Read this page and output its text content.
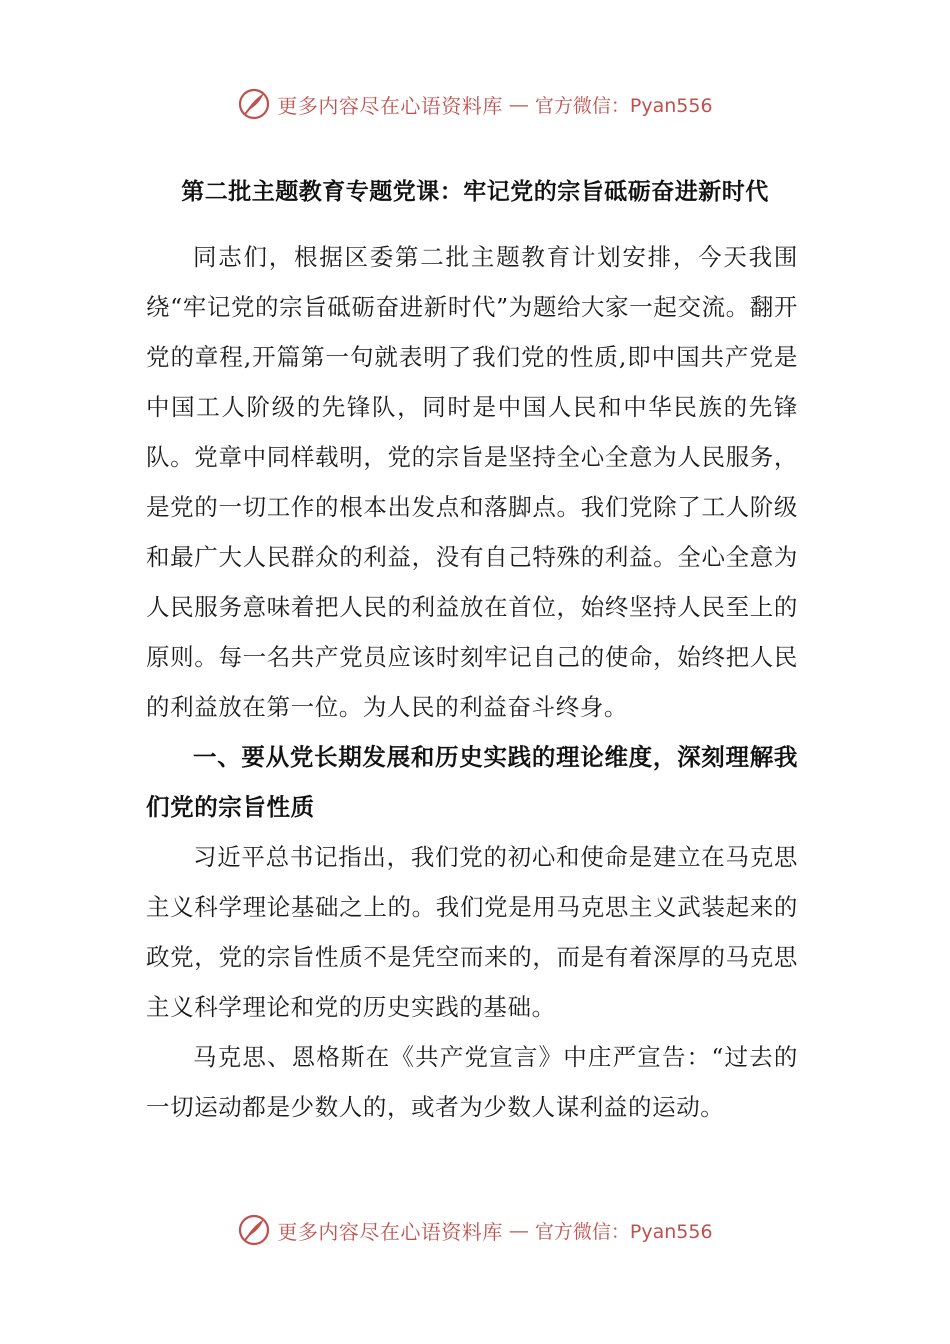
更多内容尽在心语资料库 — 官方微信：Pyan556
第二批主题教育专题党课：牢记党的宗旨砥砺奋进新时代

同志们，根据区委第二批主题教育计划安排，今天我围绕“牢记党的宗旨砥砺奋进新时代”为题给大家一起交流。翻开党的章程,开篇第一句就表明了我们党的性质,即中国共产党是中国工人阶级的先锋队，同时是中国人民和中华民族的先锋队。党章中同样载明，党的宗旨是坚持全心全意为人民服务，是党的一切工作的根本出发点和落脚点。我们党除了工人阶级和最广大人民群众的利益，没有自己特殊的利益。全心全意为人民服务意味着把人民的利益放在首位，始终坚持人民至上的原则。每一名共产党员应该时刻牢记自己的使命，始终把人民的利益放在第一位。为人民的利益奋斗终身。

一、要从党长期发展和历史实践的理论维度，深刻理解我们党的宗旨性质

习近平总书记指出，我们党的初心和使命是建立在马克思主义科学理论基础之上的。我们党是用马克思主义武装起来的政党，党的宗旨性质不是凭空而来的，而是有着深厚的马克思主义科学理论和党的历史实践的基础。

马克思、恩格斯在《共产党宣言》中庄严宣告：“过去的一切运动都是少数人的，或者为少数人谋利益的运动。

更多内容尽在心语资料库 — 官方微信：Pyan556
